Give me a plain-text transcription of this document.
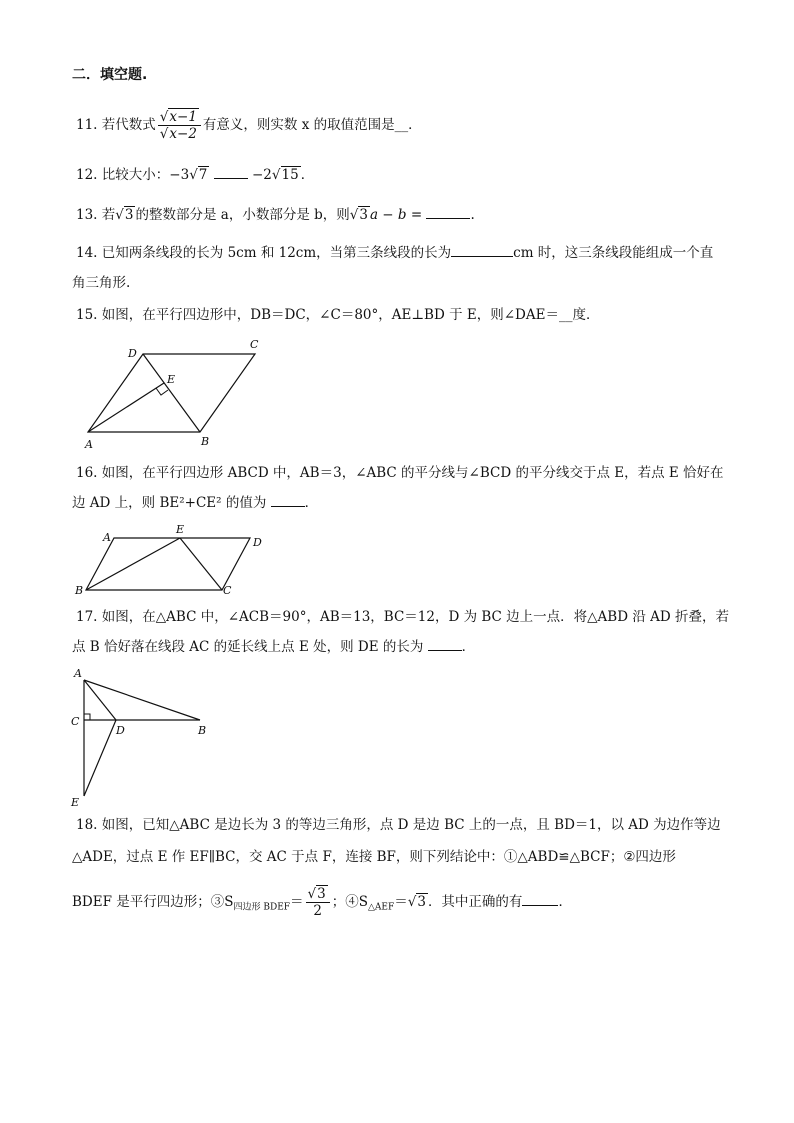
二．填空题.
11. 若代数式 $\frac{√x-1}{√x-2}$ 有意义，则实数 x 的取值范围是__．
12. 比较大小：−3√7	−2√15 ．
13. 若√3 的整数部分是 a，小数部分是 b，则√3 a − b =	.
14. 已知两条线段的长为 5cm 和 12cm，当第三条线段的长为	cm 时，这三条线段能组成一个直
角三角形.
15. 如图，在平行四边形中，DB＝DC，∠C＝80°，AE⊥BD 于 E，则∠DAE＝__度．
D
C
E
A	B
16. 如图，在平行四边形 ABCD 中，AB＝3，∠ABC 的平分线与∠BCD 的平分线交于点 E，若点 E 恰好在
边 AD 上，则 BE²+CE² 的值为	．
A
E
D
B	C
17. 如图，在△ABC 中，∠ACB＝90°，AB＝13，BC＝12，D 为 BC 边上一点．将△ABD 沿 AD 折叠，若
点 B 恰好落在线段 AC 的延长线上点 E 处，则 DE 的长为	．
A
C
D	B
E
18. 如图，已知△ABC 是边长为 3 的等边三角形，点 D 是边 BC 上的一点，且 BD＝1，以 AD 为边作等边
△ADE，过点 E 作 EF∥BC，交 AC 于点 F，连接 BF，则下列结论中：①△ABD≌△BCF；②四边形
BDEF 是平行四边形；$③S_{四边形 BDEF}= \frac{√3}{2}$ ；$④S_{\triangle AEF}=√3$ ．其中正确的有	．
